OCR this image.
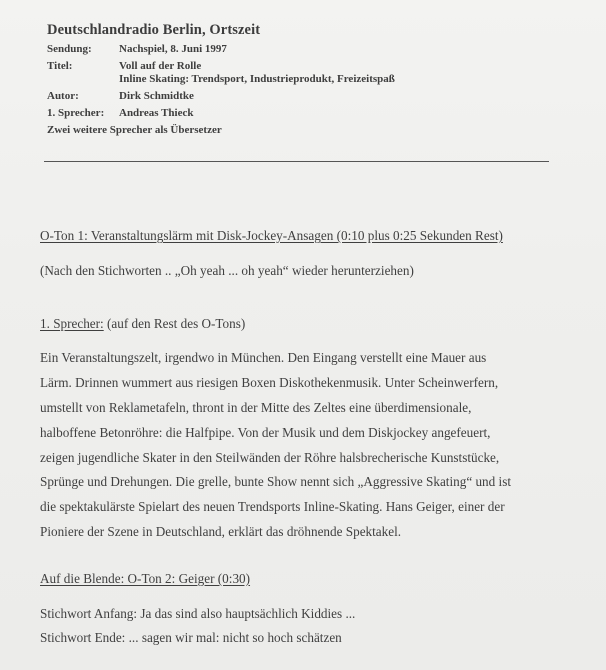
Deutschlandradio Berlin, Ortszeit
Sendung:	Nachspiel, 8. Juni 1997
Titel:	Voll auf der Rolle
Inline Skating: Trendsport, Industrieprodukt, Freizeitspaß
Autor:	Dirk Schmidtke
1. Sprecher:	Andreas Thieck
Zwei weitere Sprecher als Übersetzer

O-Ton 1: Veranstaltungslärm mit Disk-Jockey-Ansagen (0:10 plus 0:25 Sekunden Rest)

(Nach den Stichworten .. „Oh yeah ... oh yeah“ wieder herunterziehen)

1. Sprecher: (auf den Rest des O-Tons)

Ein Veranstaltungszelt, irgendwo in München. Den Eingang verstellt eine Mauer aus

Lärm. Drinnen wummert aus riesigen Boxen Diskothekenmusik. Unter Scheinwerfern,

umstellt von Reklametafeln, thront in der Mitte des Zeltes eine überdimensionale,

halboffene Betonröhre: die Halfpipe. Von der Musik und dem Diskjockey angefeuert,

zeigen jugendliche Skater in den Steilwänden der Röhre halsbrecherische Kunststücke,

Sprünge und Drehungen. Die grelle, bunte Show nennt sich „Aggressive Skating“ und ist

die spektakulärste Spielart des neuen Trendsports Inline-Skating. Hans Geiger, einer der

Pioniere der Szene in Deutschland, erklärt das dröhnende Spektakel.

Auf die Blende: O-Ton 2: Geiger (0:30)

Stichwort Anfang: Ja das sind also hauptsächlich Kiddies ...

Stichwort Ende: ... sagen wir mal: nicht so hoch schätzen
